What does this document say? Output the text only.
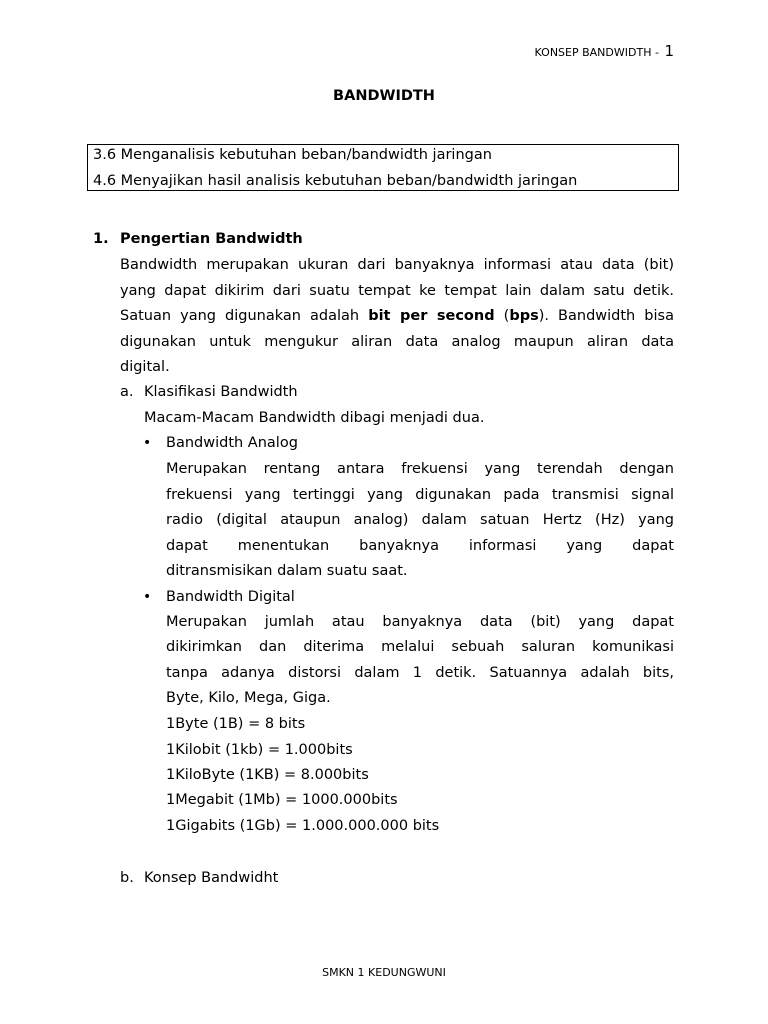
KONSEP BANDWIDTH - 1
BANDWIDTH
3.6 Menganalisis kebutuhan beban/bandwidth jaringan
4.6 Menyajikan hasil analisis kebutuhan beban/bandwidth jaringan
1. Pengertian Bandwidth
Bandwidth merupakan ukuran dari banyaknya informasi atau data (bit)
yang dapat dikirim dari suatu tempat ke tempat lain dalam satu detik.
Satuan yang digunakan adalah bit per second (bps). Bandwidth bisa
digunakan untuk mengukur aliran data analog maupun aliran data
digital.
a. Klasifikasi Bandwidth
Macam-Macam Bandwidth dibagi menjadi dua.
• Bandwidth Analog
Merupakan rentang antara frekuensi yang terendah dengan
frekuensi yang tertinggi yang digunakan pada transmisi signal
radio (digital ataupun analog) dalam satuan Hertz (Hz) yang
dapat menentukan banyaknya informasi yang dapat
ditransmisikan dalam suatu saat.
• Bandwidth Digital
Merupakan jumlah atau banyaknya data (bit) yang dapat
dikirimkan dan diterima melalui sebuah saluran komunikasi
tanpa adanya distorsi dalam 1 detik. Satuannya adalah bits,
Byte, Kilo, Mega, Giga.
1Byte (1B) = 8 bits
1Kilobit (1kb) = 1.000bits
1KiloByte (1KB) = 8.000bits
1Megabit (1Mb) = 1000.000bits
1Gigabits (1Gb) = 1.000.000.000 bits
b. Konsep Bandwidht
SMKN 1 KEDUNGWUNI
